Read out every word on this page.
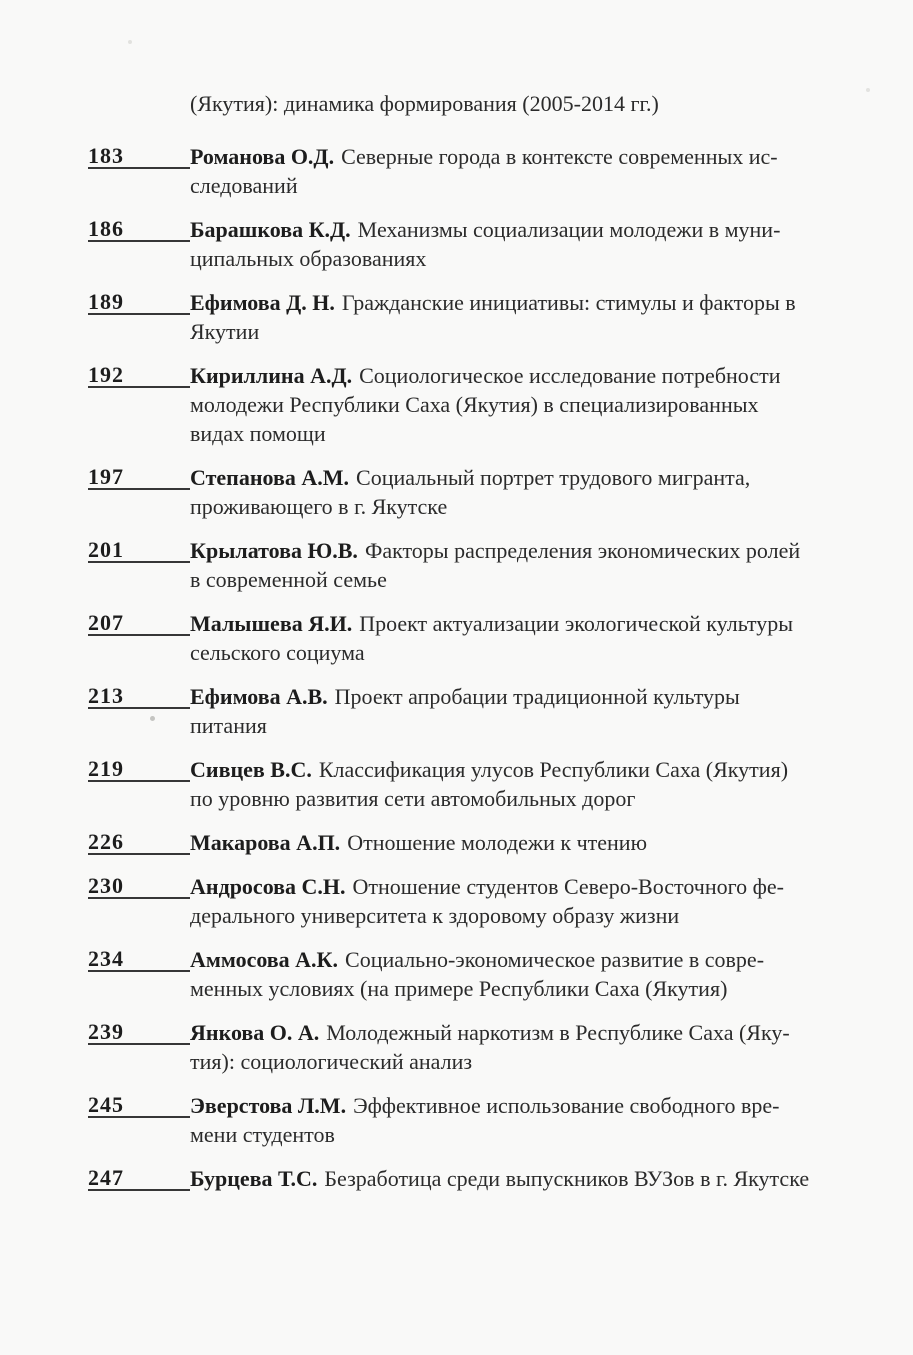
(Якутия): динамика формирования (2005-2014 гг.)
183	Романова О.Д. Северные города в контексте современных ис-
следований
186	Барашкова К.Д. Механизмы социализации молодежи в муни-
ципальных образованиях
189	Ефимова Д. Н. Гражданские инициативы: стимулы и факторы в
Якутии
192	Кириллина А.Д. Социологическое исследование потребности
молодежи Республики Саха (Якутия) в специализированных
видах помощи
197	Степанова А.М. Социальный портрет трудового мигранта,
проживающего в г. Якутске
201	Крылатова Ю.В. Факторы распределения экономических ролей
в современной семье
207	Малышева Я.И. Проект актуализации экологической культуры
сельского социума
213	Ефимова А.В. Проект апробации традиционной культуры
питания
219	Сивцев В.С. Классификация улусов Республики Саха (Якутия)
по уровню развития сети автомобильных дорог
226	Макарова А.П. Отношение молодежи к чтению
230	Андросова С.Н. Отношение студентов Северо-Восточного фе-
дерального университета к здоровому образу жизни
234	Аммосова А.К. Социально-экономическое развитие в совре-
менных условиях (на примере Республики Саха (Якутия)
239	Янкова О. А. Молодежный наркотизм в Республике Саха (Яку-
тия): социологический анализ
245	Эверстова Л.М. Эффективное использование свободного вре-
мени студентов
247	Бурцева Т.С. Безработица среди выпускников ВУЗов в г. Якутске
